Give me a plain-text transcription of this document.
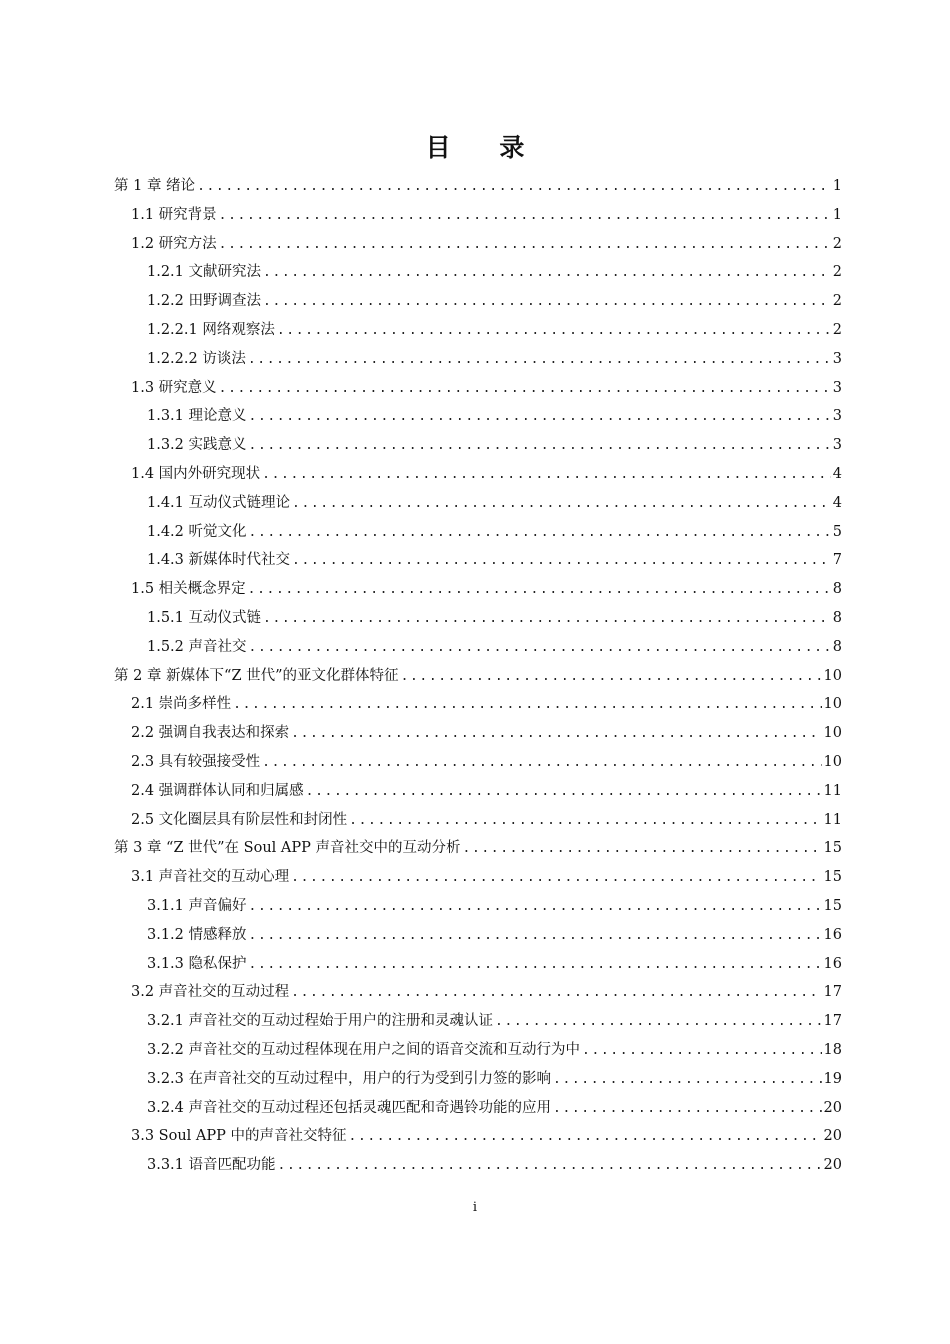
目 录
第 1 章 绪论 .....	1
1.1 研究背景 .....	1
1.2 研究方法 .....	2
1.2.1 文献研究法 .....	2
1.2.2 田野调查法 .....	2
1.2.2.1 网络观察法 .....	2
1.2.2.2 访谈法 .....	3
1.3 研究意义 .....	3
1.3.1 理论意义 .....	3
1.3.2 实践意义 .....	3
1.4 国内外研究现状 .....	4
1.4.1 互动仪式链理论 .....	4
1.4.2 听觉文化 .....	5
1.4.3 新媒体时代社交 .....	7
1.5 相关概念界定 .....	8
1.5.1 互动仪式链 .....	8
1.5.2 声音社交 .....	8
第 2 章 新媒体下“Z 世代”的亚文化群体特征 .....	10
2.1 崇尚多样性 .....	10
2.2 强调自我表达和探索 .....	10
2.3 具有较强接受性 .....	10
2.4 强调群体认同和归属感 .....	11
2.5 文化圈层具有阶层性和封闭性 .....	11
第 3 章 “Z 世代”在 Soul APP 声音社交中的互动分析 .....	15
3.1 声音社交的互动心理 .....	15
3.1.1 声音偏好 .....	15
3.1.2 情感释放 .....	16
3.1.3 隐私保护 .....	16
3.2 声音社交的互动过程 .....	17
3.2.1 声音社交的互动过程始于用户的注册和灵魂认证 .....	17
3.2.2 声音社交的互动过程体现在用户之间的语音交流和互动行为中 .....	18
3.2.3 在声音社交的互动过程中，用户的行为受到引力签的影响 .....	19
3.2.4 声音社交的互动过程还包括灵魂匹配和奇遇铃功能的应用 .....	20
3.3 Soul APP 中的声音社交特征 .....	20
3.3.1 语音匹配功能 .....	20
i
